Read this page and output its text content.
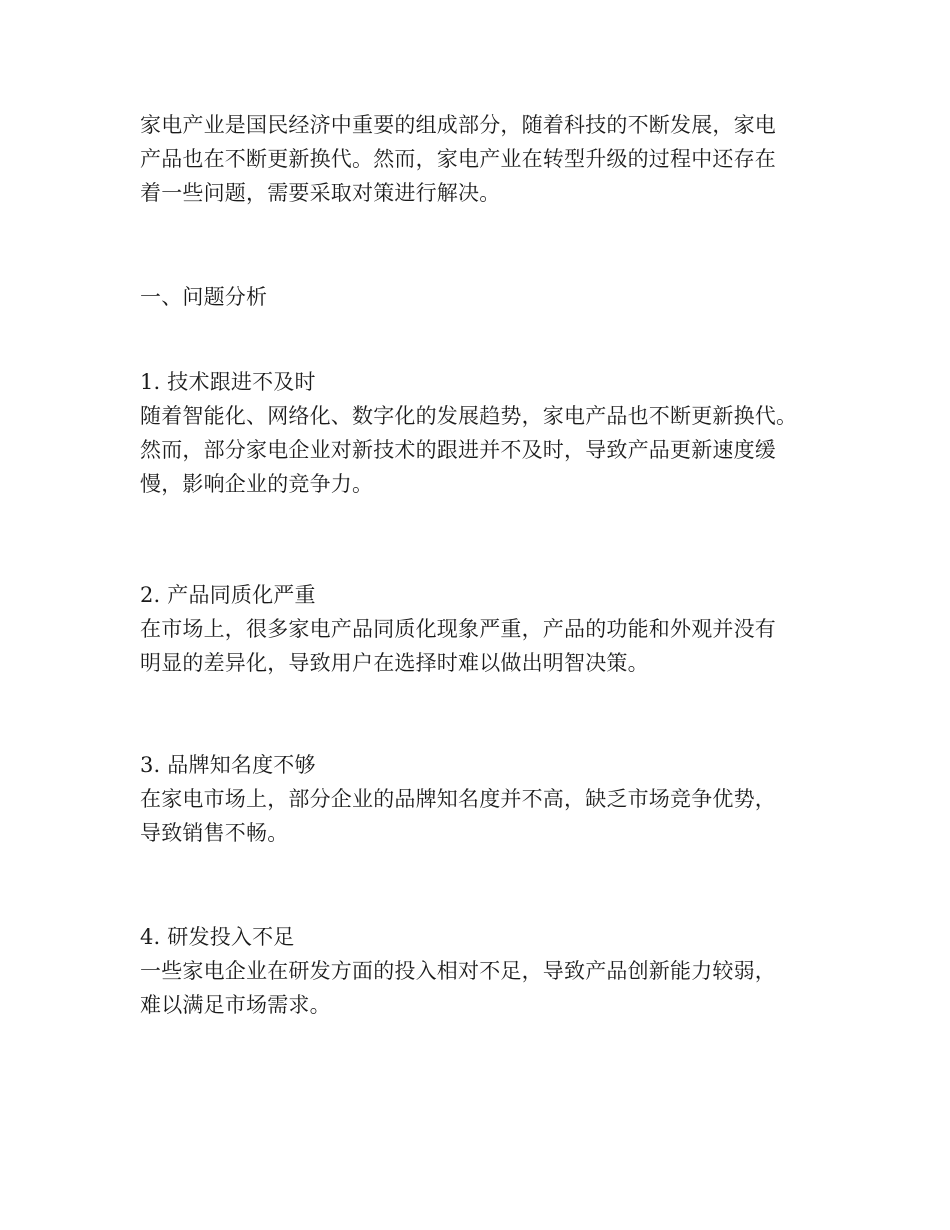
家电产业是国民经济中重要的组成部分，随着科技的不断发展，家电
产品也在不断更新换代。然而，家电产业在转型升级的过程中还存在
着一些问题，需要采取对策进行解决。
一、问题分析
1. 技术跟进不及时
随着智能化、网络化、数字化的发展趋势，家电产品也不断更新换代。
然而，部分家电企业对新技术的跟进并不及时，导致产品更新速度缓
慢，影响企业的竞争力。
2. 产品同质化严重
在市场上，很多家电产品同质化现象严重，产品的功能和外观并没有
明显的差异化，导致用户在选择时难以做出明智决策。
3. 品牌知名度不够
在家电市场上，部分企业的品牌知名度并不高，缺乏市场竞争优势，
导致销售不畅。
4. 研发投入不足
一些家电企业在研发方面的投入相对不足，导致产品创新能力较弱，
难以满足市场需求。
